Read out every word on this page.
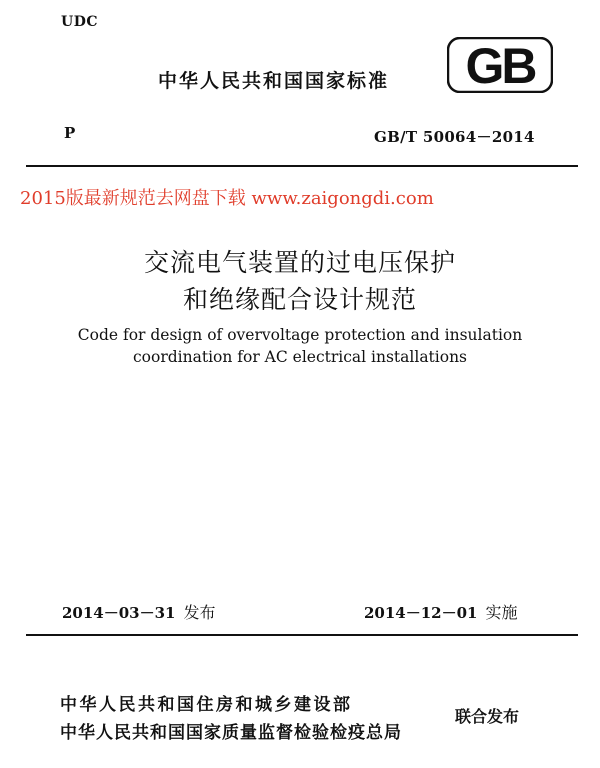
UDC
中华人民共和国国家标准 GB
P	GB/T 50064－2014
2015版最新规范去网盘下载 www.zaigongdi.com
交流电气装置的过电压保护
和绝缘配合设计规范
Code for design of overvoltage protection and insulation
coordination for AC electrical installations
2014－03－31 发布	2014－12－01 实施
中华人民共和国住房和城乡建设部
中华人民共和国国家质量监督检验检疫总局
联合发布
